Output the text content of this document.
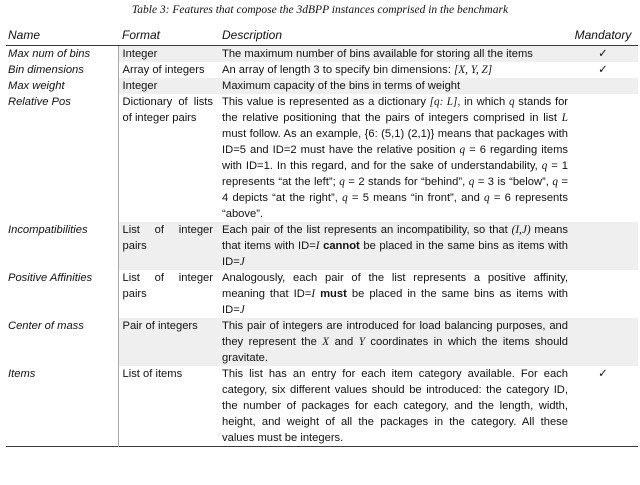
Table 3: Features that compose the 3dBPP instances comprised in the benchmark
Name	Format	Description	Mandatory
Max num of bins	Integer	The maximum number of bins available for storing all the items	✓
Bin dimensions	Array of integers	An array of length 3 to specify bin dimensions: [X, Y, Z]	✓
Max weight	Integer	Maximum capacity of the bins in terms of weight	
Relative Pos	Dictionary of lists of integer pairs	This value is represented as a dictionary [q: L], in which q stands for the relative positioning that the pairs of integers comprised in list L must follow. As an example, {6: (5,1) (2,1)} means that packages with ID=5 and ID=2 must have the relative position q = 6 regarding items with ID=1. In this regard, and for the sake of understandability, q = 1 represents “at the left”; q = 2 stands for “behind”, q = 3 is “below”, q = 4 depicts “at the right”, q = 5 means “in front”, and q = 6 represents “above”.	
Incompatibilities	List of integer pairs	Each pair of the list represents an incompatibility, so that (I,J) means that items with ID=I cannot be placed in the same bins as items with ID=J	
Positive Affinities	List of integer pairs	Analogously, each pair of the list represents a positive affinity, meaning that ID=I must be placed in the same bins as items with ID=J	
Center of mass	Pair of integers	This pair of integers are introduced for load balancing purposes, and they represent the X and Y coordinates in which the items should gravitate.	
Items	List of items	This list has an entry for each item category available. For each category, six different values should be introduced: the category ID, the number of packages for each category, and the length, width, height, and weight of all the packages in the category. All these values must be integers.	✓
